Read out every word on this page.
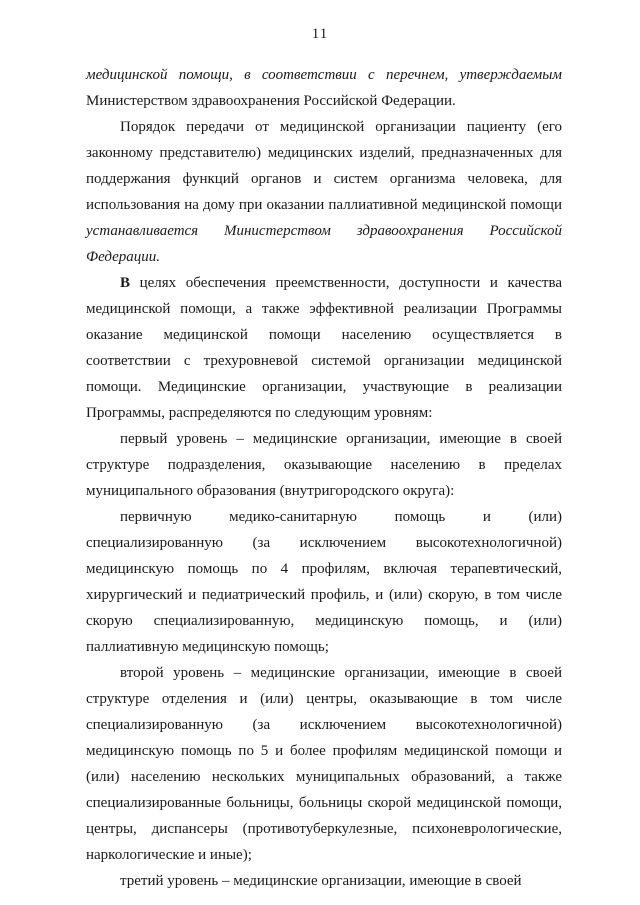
11

медицинской помощи, в соответствии с перечнем, утверждаемым Министерством здравоохранения Российской Федерации.

Порядок передачи от медицинской организации пациенту (его законному представителю) медицинских изделий, предназначенных для поддержания функций органов и систем организма человека, для использования на дому при оказании паллиативной медицинской помощи устанавливается Министерством здравоохранения Российской Федерации.

В целях обеспечения преемственности, доступности и качества медицинской помощи, а также эффективной реализации Программы оказание медицинской помощи населению осуществляется в соответствии с трехуровневой системой организации медицинской помощи. Медицинские организации, участвующие в реализации Программы, распределяются по следующим уровням:

первый уровень – медицинские организации, имеющие в своей структуре подразделения, оказывающие населению в пределах муниципального образования (внутригородского округа):

первичную медико-санитарную помощь и (или) специализированную (за исключением высокотехнологичной) медицинскую помощь по 4 профилям, включая терапевтический, хирургический и педиатрический профиль, и (или) скорую, в том числе скорую специализированную, медицинскую помощь, и (или) паллиативную медицинскую помощь;

второй уровень – медицинские организации, имеющие в своей структуре отделения и (или) центры, оказывающие в том числе специализированную (за исключением высокотехнологичной) медицинскую помощь по 5 и более профилям медицинской помощи и (или) населению нескольких муниципальных образований, а также специализированные больницы, больницы скорой медицинской помощи, центры, диспансеры (противотуберкулезные, психоневрологические, наркологические и иные);

третий уровень – медицинские организации, имеющие в своей
